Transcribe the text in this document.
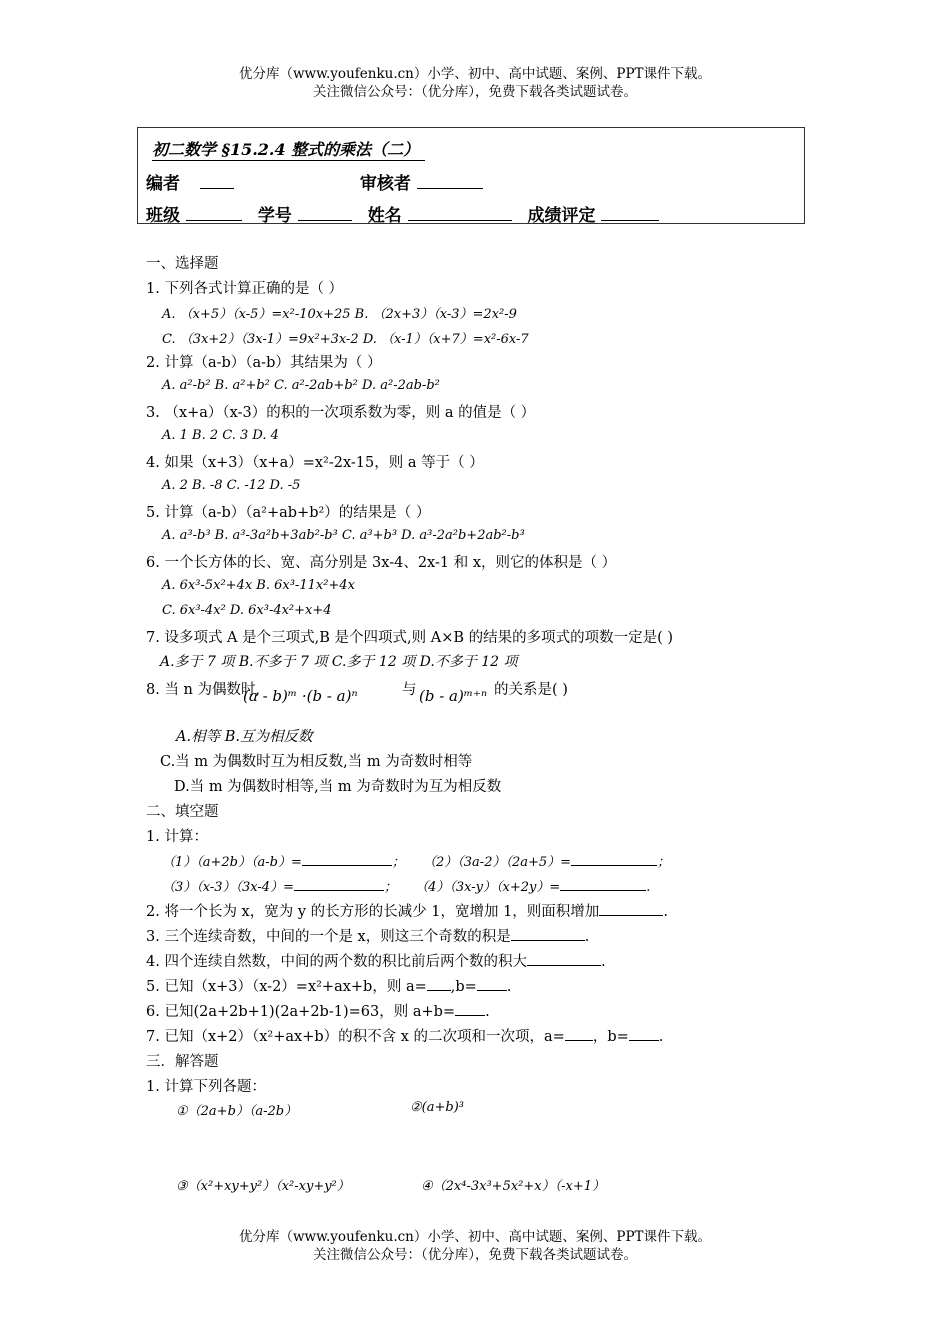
优分库（www.youfenku.cn）小学、初中、高中试题、案例、PPT课件下载。
关注微信公众号：（优分库），免费下载各类试题试卷。
初二数学 §15.2.4 整式的乘法（二）
编者	审核者
班级	学号	姓名	成绩评定
一、选择题
1. 下列各式计算正确的是（ ）
A. （x+5）（x-5）=x²-10x+25 B. （2x+3）（x-3）=2x²-9
C. （3x+2）（3x-1）=9x²+3x-2 D. （x-1）（x+7）=x²-6x-7
2. 计算（a-b）（a-b）其结果为（ ）
A. a²-b² B. a²+b² C. a²-2ab+b² D. a²-2ab-b²
3. （x+a）（x-3）的积的一次项系数为零，则 a 的值是（ ）
A. 1 B. 2 C. 3 D. 4
4. 如果（x+3）（x+a）=x²-2x-15，则 a 等于（ ）
A. 2 B. -8 C. -12 D. -5
5. 计算（a-b）（a²+ab+b²）的结果是（ ）
A. a³-b³ B. a³-3a²b+3ab²-b³ C. a³+b³ D. a³-2a²b+2ab²-b³
6. 一个长方体的长、宽、高分别是 3x-4、2x-1 和 x，则它的体积是（ ）
A. 6x³-5x²+4x B. 6x³-11x²+4x
C. 6x³-4x² D. 6x³-4x²+x+4
7. 设多项式 A 是个三项式,B 是个四项式,则 A×B 的结果的多项式的项数一定是( )
A.多于 7 项 B.不多于 7 项 C.多于 12 项 D.不多于 12 项
8. 当 n 为偶数时,
(a - b)ᵐ ·(b - a)ⁿ	与 (b - a)ᵐ⁺ⁿ 的关系是( )
A.相等 B.互为相反数
C.当 m 为偶数时互为相反数,当 m 为奇数时相等
D.当 m 为偶数时相等,当 m 为奇数时为互为相反数
二、填空题
1. 计算：
（1）（a+2b）（a-b）=	； （2）（3a-2）（2a+5）=	；
（3）（x-3）（3x-4）=	； （4）（3x-y）（x+2y）=	.
2. 将一个长为 x，宽为 y 的长方形的长减少 1，宽增加 1，则面积增加	.
3. 三个连续奇数，中间的一个是 x，则这三个奇数的积是	.
4. 四个连续自然数，中间的两个数的积比前后两个数的积大	.
5. 已知（x+3）（x-2）=x²+ax+b，则 a= ,b= .
6. 已知(2a+2b+1)(2a+2b-1)=63，则 a+b= .
7. 已知（x+2）（x²+ax+b）的积不含 x 的二次项和一次项，a= ，b= .
三．解答题
1. 计算下列各题：
①（2a+b）（a-2b）	②(a+b)³
③（x²+xy+y²）（x²-xy+y²）	④（2x⁴-3x³+5x²+x）（-x+1）
优分库（www.youfenku.cn）小学、初中、高中试题、案例、PPT课件下载。
关注微信公众号：（优分库），免费下载各类试题试卷。
